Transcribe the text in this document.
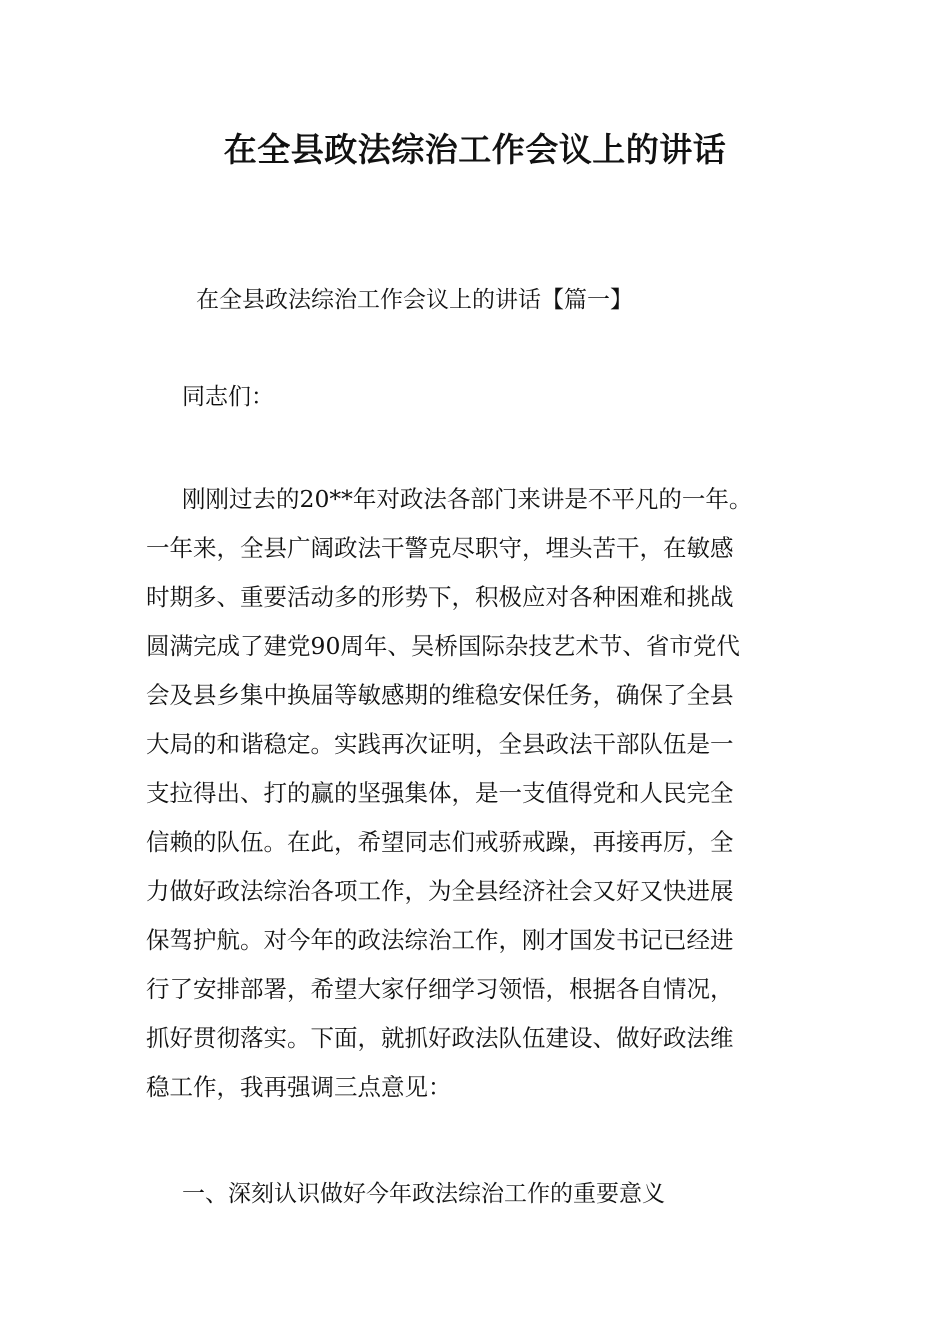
在全县政法综治工作会议上的讲话

在全县政法综治工作会议上的讲话【篇一】

同志们：

刚刚过去的20**年对政法各部门来讲是不平凡的一年。
一年来，全县广阔政法干警克尽职守，埋头苦干，在敏感
时期多、重要活动多的形势下，积极应对各种困难和挑战
圆满完成了建党90周年、吴桥国际杂技艺术节、省市党代
会及县乡集中换届等敏感期的维稳安保任务，确保了全县
大局的和谐稳定。实践再次证明，全县政法干部队伍是一
支拉得出、打的赢的坚强集体，是一支值得党和人民完全
信赖的队伍。在此，希望同志们戒骄戒躁，再接再厉，全
力做好政法综治各项工作，为全县经济社会又好又快进展
保驾护航。对今年的政法综治工作，刚才国发书记已经进
行了安排部署，希望大家仔细学习领悟，根据各自情况，
抓好贯彻落实。下面，就抓好政法队伍建设、做好政法维
稳工作，我再强调三点意见：

一、深刻认识做好今年政法综治工作的重要意义
